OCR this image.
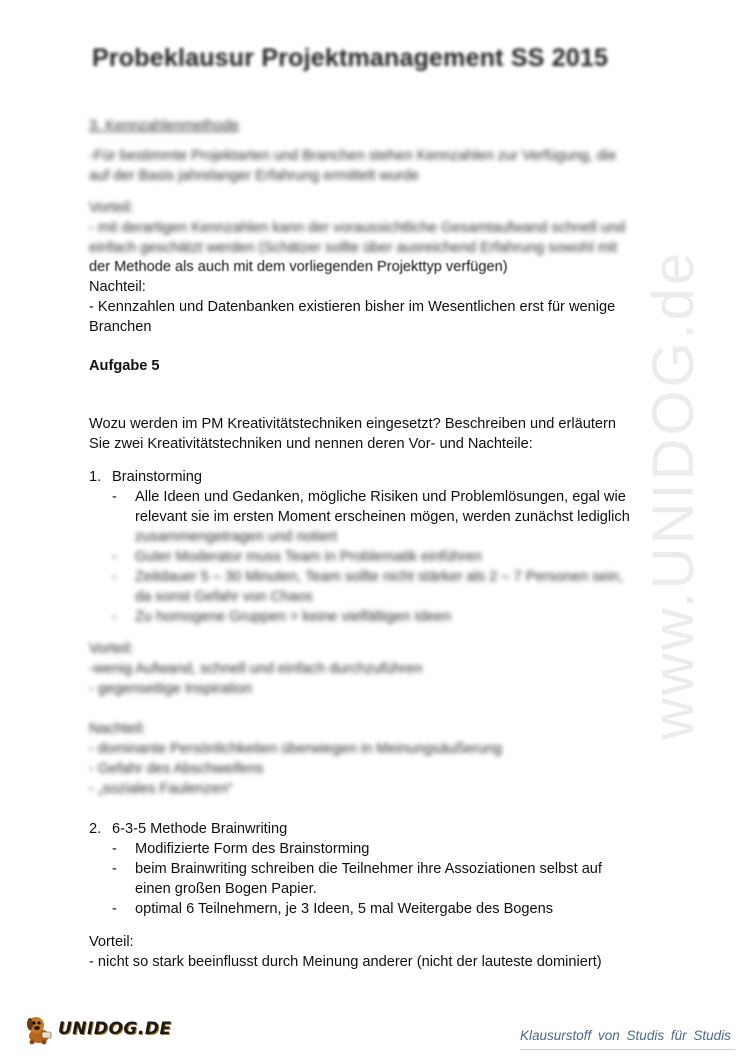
www.UNIDOG.de
Probeklausur Projektmanagement SS 2015
3. Kennzahlenmethode
-Für bestimmte Projektarten und Branchen stehen Kennzahlen zur Verfügung, die
auf der Basis jahrelanger Erfahrung ermittelt wurde
Vorteil:
- mit derartigen Kennzahlen kann der voraussichtliche Gesamtaufwand schnell und
einfach geschätzt werden (Schätzer sollte über ausreichend Erfahrung sowohl mit
der Methode als auch mit dem vorliegenden Projekttyp verfügen)
Nachteil:
- Kennzahlen und Datenbanken existieren bisher im Wesentlichen erst für wenige
Branchen
Aufgabe 5
Wozu werden im PM Kreativitätstechniken eingesetzt? Beschreiben und erläutern
Sie zwei Kreativitätstechniken und nennen deren Vor- und Nachteile:
1. Brainstorming
- Alle Ideen und Gedanken, mögliche Risiken und Problemlösungen, egal wie
relevant sie im ersten Moment erscheinen mögen, werden zunächst lediglich
zusammengetragen und notiert
- Guter Moderator muss Team in Problematik einführen
- Zeitdauer 5 – 30 Minuten, Team sollte nicht stärker als 2 – 7 Personen sein,
da sonst Gefahr von Chaos
- Zu homogene Gruppen = keine vielfältigen Ideen
Vorteil:
-wenig Aufwand, schnell und einfach durchzuführen
- gegenseitige Inspiration
Nachteil:
- dominante Persönlichkeiten überwiegen in Meinungsäußerung
- Gefahr des Abschweifens
- „soziales Faulenzen“
2. 6-3-5 Methode Brainwriting
- Modifizierte Form des Brainstorming
- beim Brainwriting schreiben die Teilnehmer ihre Assoziationen selbst auf
einen großen Bogen Papier.
- optimal 6 Teilnehmern, je 3 Ideen, 5 mal Weitergabe des Bogens
Vorteil:
- nicht so stark beeinflusst durch Meinung anderer (nicht der lauteste dominiert)
UNIDOG.DE	Klausurstoff von Studis für Studis
